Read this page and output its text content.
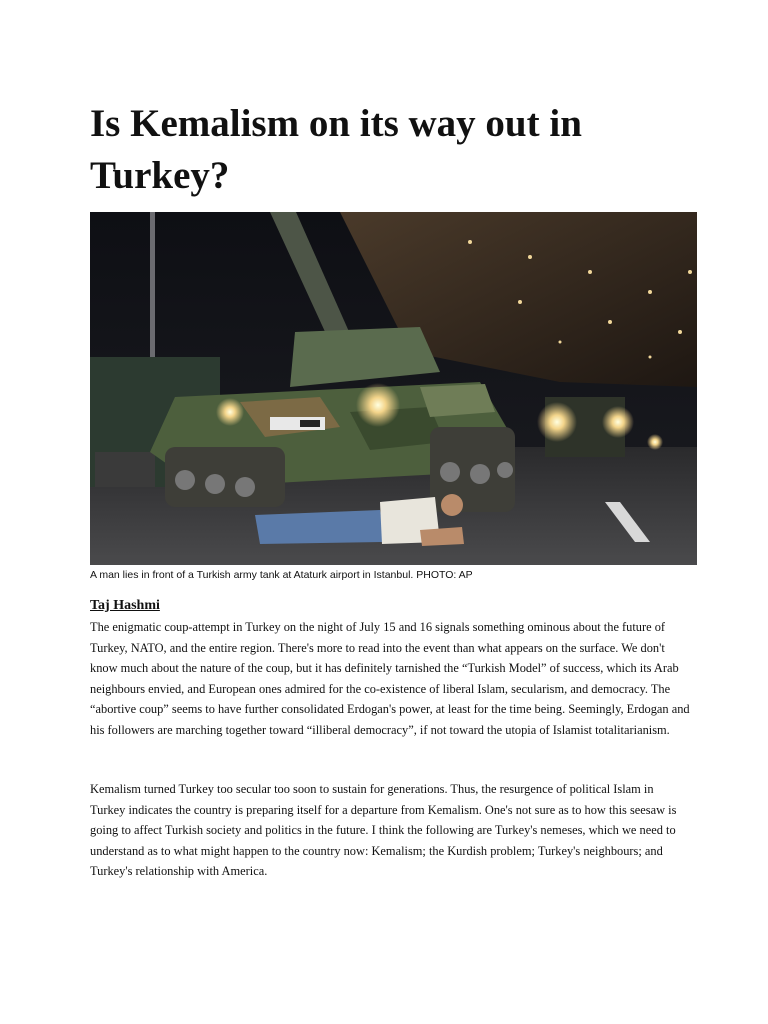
Is Kemalism on its way out in Turkey?
A man lies in front of a Turkish army tank at Ataturk airport in Istanbul. PHOTO: AP
Taj Hashmi

The enigmatic coup-attempt in Turkey on the night of July 15 and 16 signals something ominous about the future of Turkey, NATO, and the entire region. There's more to read into the event than what appears on the surface. We don't know much about the nature of the coup, but it has definitely tarnished the “Turkish Model” of success, which its Arab neighbours envied, and European ones admired for the co-existence of liberal Islam, secularism, and democracy. The “abortive coup” seems to have further consolidated Erdogan's power, at least for the time being. Seemingly, Erdogan and his followers are marching together toward “illiberal democracy”, if not toward the utopia of Islamist totalitarianism.

Kemalism turned Turkey too secular too soon to sustain for generations. Thus, the resurgence of political Islam in Turkey indicates the country is preparing itself for a departure from Kemalism. One's not sure as to how this seesaw is going to affect Turkish society and politics in the future. I think the following are Turkey's nemeses, which we need to understand as to what might happen to the country now: Kemalism; the Kurdish problem; Turkey's neighbours; and Turkey's relationship with America.
